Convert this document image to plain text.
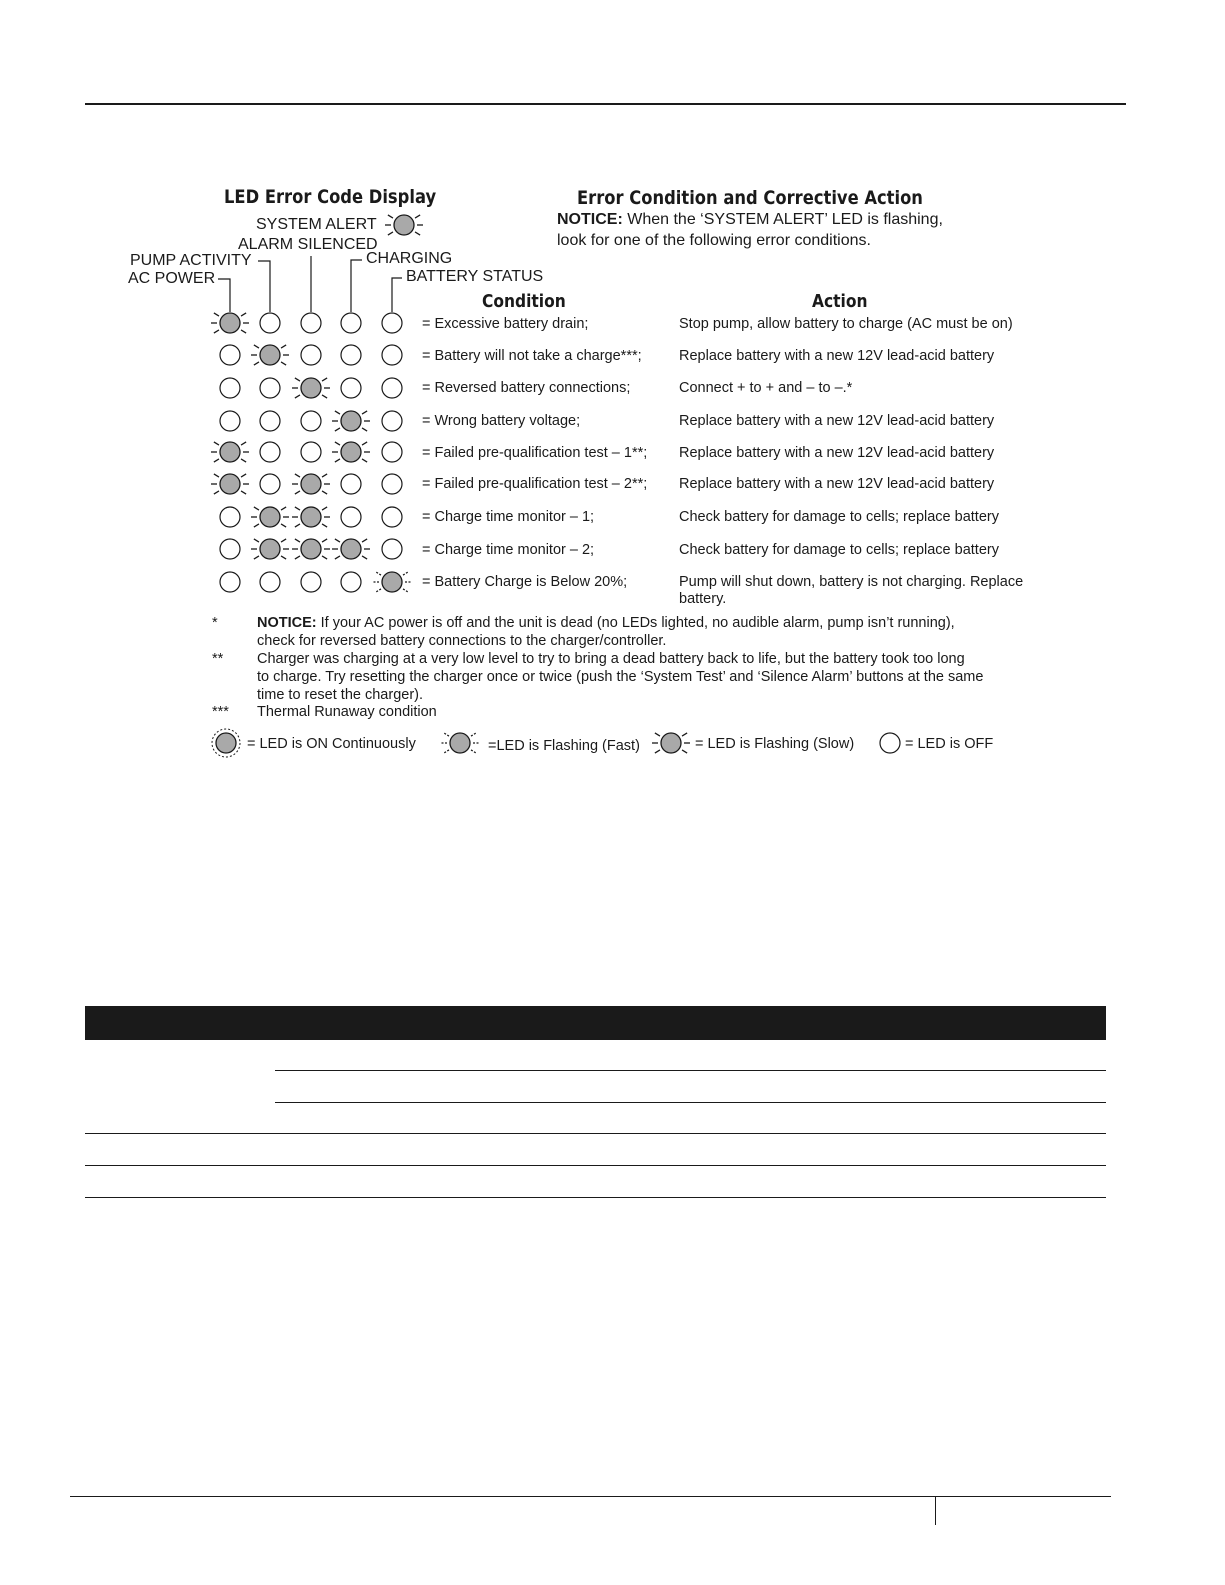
LED Error Code Display	Error Condition and Corrective Action
NOTICE: When the ‘SYSTEM ALERT’ LED is flashing,
look for one of the following error conditions.
SYSTEM ALERT
ALARM SILENCED
PUMP ACTIVITY	CHARGING
AC POWER	BATTERY STATUS
Condition	Action
= Excessive battery drain;	Stop pump, allow battery to charge (AC must be on)
= Battery will not take a charge***;	Replace battery with a new 12V lead-acid battery
= Reversed battery connections;	Connect + to + and – to –.*
= Wrong battery voltage;	Replace battery with a new 12V lead-acid battery
= Failed pre-qualification test – 1**; Replace battery with a new 12V lead-acid battery
= Failed pre-qualification test – 2**; Replace battery with a new 12V lead-acid battery
= Charge time monitor – 1;	Check battery for damage to cells; replace battery
= Charge time monitor – 2;	Check battery for damage to cells; replace battery
= Battery Charge is Below 20%;	Pump will shut down, battery is not charging. Replace
battery.
*	NOTICE: If your AC power is off and the unit is dead (no LEDs lighted, no audible alarm, pump isn’t running),
check for reversed battery connections to the charger/controller.
** Charger was charging at a very low level to try to bring a dead battery back to life, but the battery took too long
to charge. Try resetting the charger once or twice (push the ‘System Test’ and ‘Silence Alarm’ buttons at the same
time to reset the charger).
*** Thermal Runaway condition
= LED is ON Continuously	=LED is Flashing (Fast)	= LED is Flashing (Slow)	= LED is OFF
